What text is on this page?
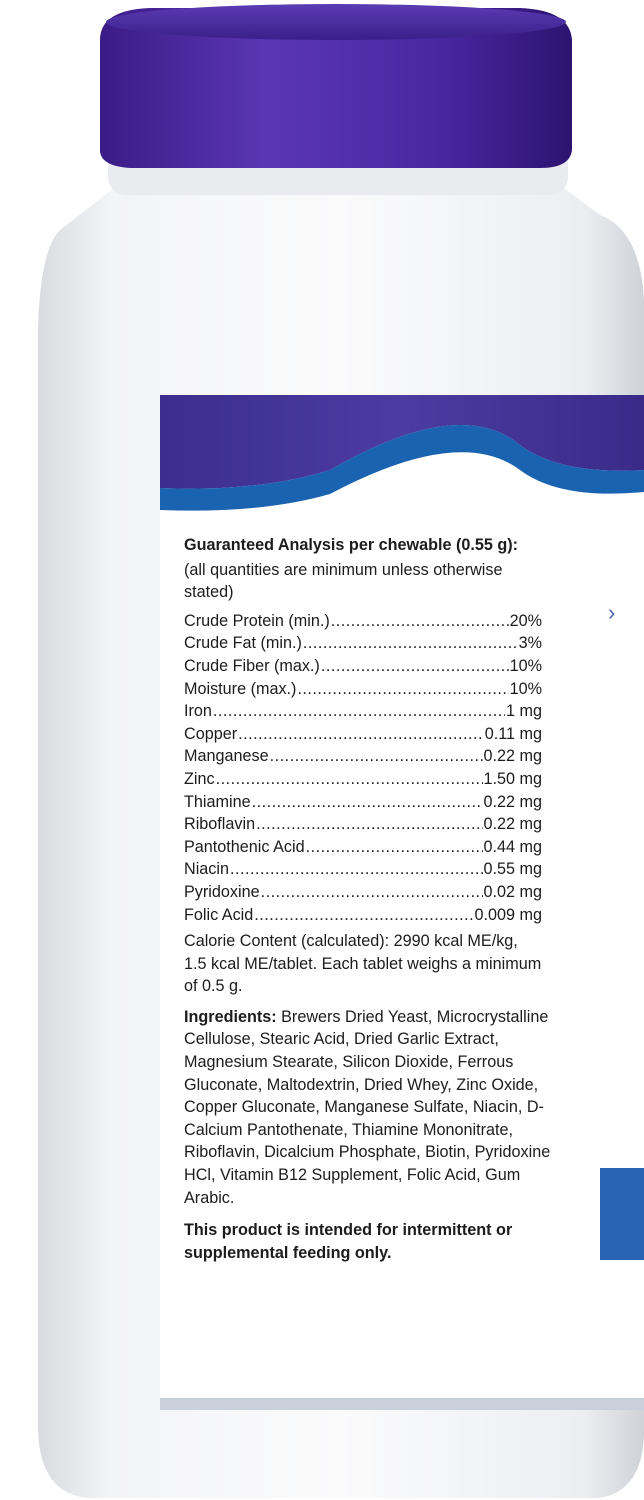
›
Guaranteed Analysis per chewable (0.55 g):
(all quantities are minimum unless otherwise stated)
Crude Protein (min.) .....	20%
Crude Fat (min.) .....	3%
Crude Fiber (max.) .....	10%
Moisture (max.) .....	10%
Iron .....	1 mg
Copper .....	0.11 mg
Manganese .....	0.22 mg
Zinc .....	1.50 mg
Thiamine .....	0.22 mg
Riboflavin .....	0.22 mg
Pantothenic Acid .....	0.44 mg
Niacin .....	0.55 mg
Pyridoxine .....	0.02 mg
Folic Acid .....	0.009 mg
Calorie Content (calculated): 2990 kcal ME/kg, 1.5 kcal ME/tablet. Each tablet weighs a minimum of 0.5 g.
Ingredients: Brewers Dried Yeast, Microcrystalline Cellulose, Stearic Acid, Dried Garlic Extract, Magnesium Stearate, Silicon Dioxide, Ferrous Gluconate, Maltodextrin, Dried Whey, Zinc Oxide, Copper Gluconate, Manganese Sulfate, Niacin, D-Calcium Pantothenate, Thiamine Mononitrate, Riboflavin, Dicalcium Phosphate, Biotin, Pyridoxine HCl, Vitamin B12 Supplement, Folic Acid, Gum Arabic.
This product is intended for intermittent or supplemental feeding only.
